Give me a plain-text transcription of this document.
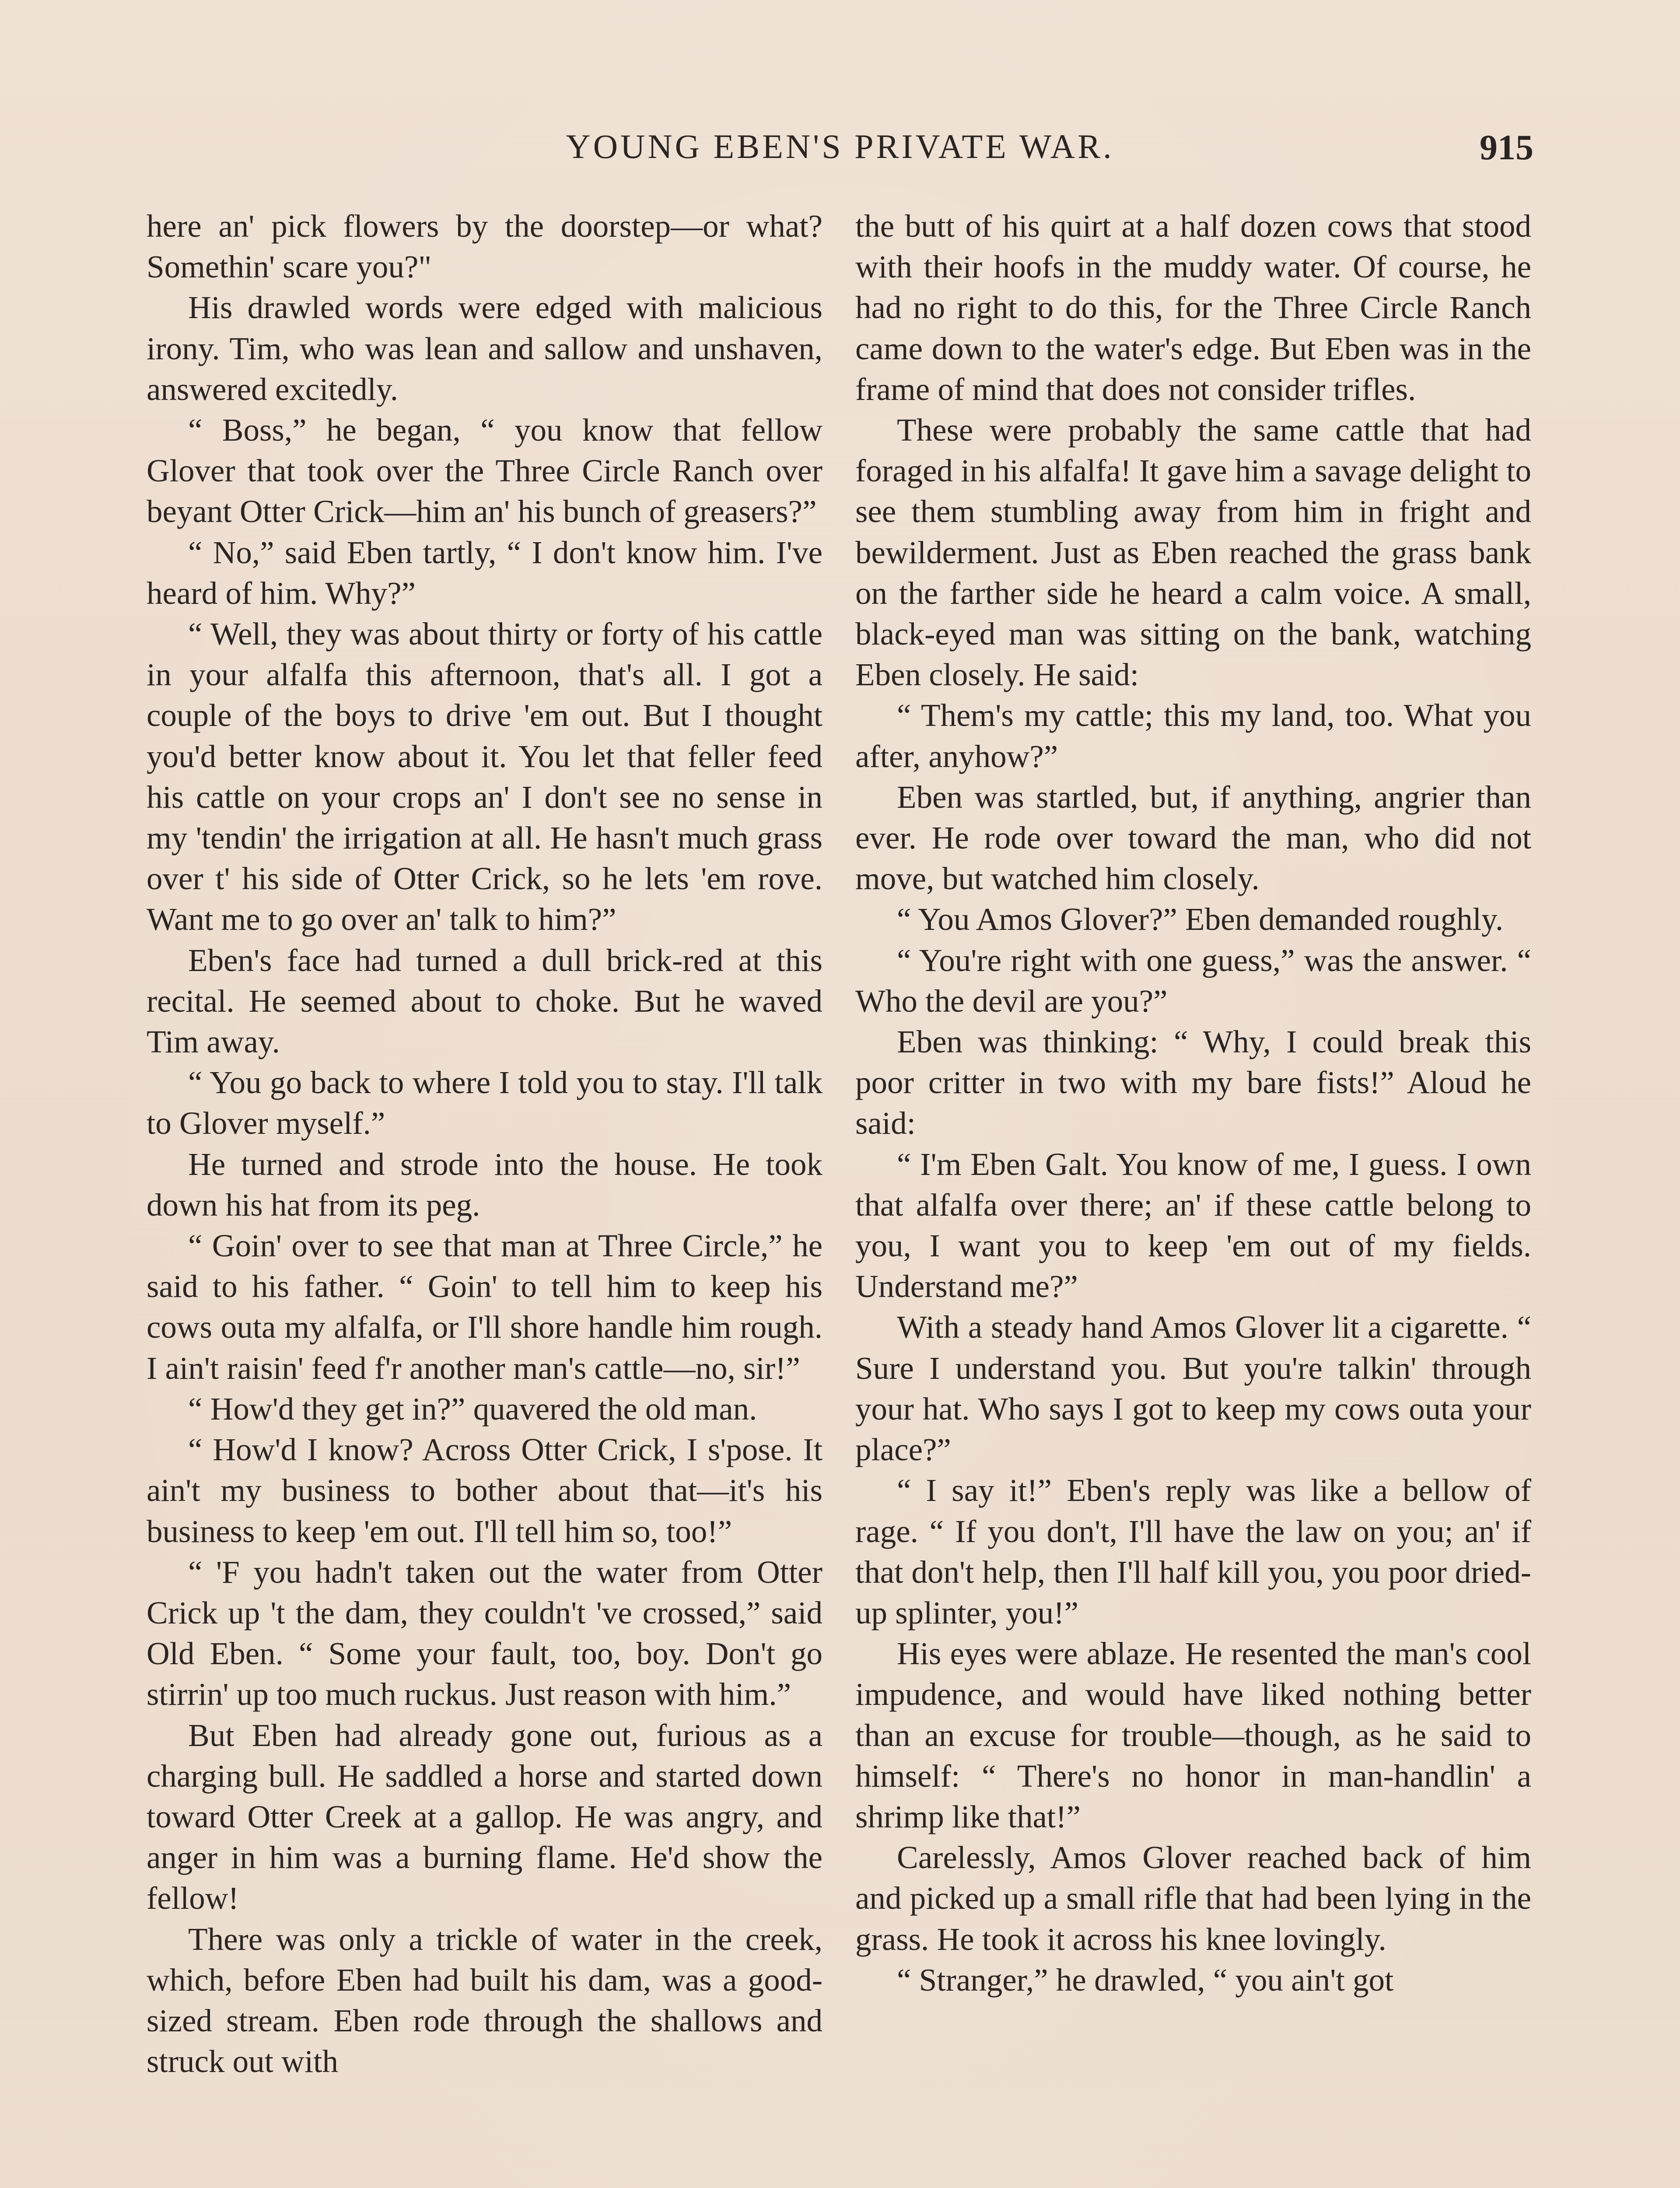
YOUNG EBEN'S PRIVATE WAR.	915

here an' pick flowers by the doorstep—or what? Somethin' scare you?"

His drawled words were edged with malicious irony. Tim, who was lean and sallow and unshaven, answered excitedly.

“ Boss,” he began, “ you know that fellow Glover that took over the Three Circle Ranch over beyant Otter Crick—him an' his bunch of greasers?”

“ No,” said Eben tartly, “ I don't know him. I've heard of him. Why?”

“ Well, they was about thirty or forty of his cattle in your alfalfa this afternoon, that's all. I got a couple of the boys to drive 'em out. But I thought you'd better know about it. You let that feller feed his cattle on your crops an' I don't see no sense in my 'tendin' the irrigation at all. He hasn't much grass over t' his side of Otter Crick, so he lets 'em rove. Want me to go over an' talk to him?”

Eben's face had turned a dull brick-red at this recital. He seemed about to choke. But he waved Tim away.

“ You go back to where I told you to stay. I'll talk to Glover myself.”

He turned and strode into the house. He took down his hat from its peg.

“ Goin' over to see that man at Three Circle,” he said to his father. “ Goin' to tell him to keep his cows outa my alfalfa, or I'll shore handle him rough. I ain't raisin' feed f'r another man's cattle—no, sir!”

“ How'd they get in?” quavered the old man.

“ How'd I know? Across Otter Crick, I s'pose. It ain't my business to bother about that—it's his business to keep 'em out. I'll tell him so, too!”

“ 'F you hadn't taken out the water from Otter Crick up 't the dam, they couldn't 've crossed,” said Old Eben. “ Some your fault, too, boy. Don't go stirrin' up too much ruckus. Just reason with him.”

But Eben had already gone out, furious as a charging bull. He saddled a horse and started down toward Otter Creek at a gallop. He was angry, and anger in him was a burning flame. He'd show the fellow!

There was only a trickle of water in the creek, which, before Eben had built his dam, was a good-sized stream. Eben rode through the shallows and struck out with

the butt of his quirt at a half dozen cows that stood with their hoofs in the muddy water. Of course, he had no right to do this, for the Three Circle Ranch came down to the water's edge. But Eben was in the frame of mind that does not consider trifles.

These were probably the same cattle that had foraged in his alfalfa! It gave him a savage delight to see them stumbling away from him in fright and bewilderment. Just as Eben reached the grass bank on the farther side he heard a calm voice. A small, black-eyed man was sitting on the bank, watching Eben closely. He said:

“ Them's my cattle; this my land, too. What you after, anyhow?”

Eben was startled, but, if anything, angrier than ever. He rode over toward the man, who did not move, but watched him closely.

“ You Amos Glover?” Eben demanded roughly.

“ You're right with one guess,” was the answer. “ Who the devil are you?”

Eben was thinking: “ Why, I could break this poor critter in two with my bare fists!” Aloud he said:

“ I'm Eben Galt. You know of me, I guess. I own that alfalfa over there; an' if these cattle belong to you, I want you to keep 'em out of my fields. Understand me?”

With a steady hand Amos Glover lit a cigarette. “ Sure I understand you. But you're talkin' through your hat. Who says I got to keep my cows outa your place?”

“ I say it!” Eben's reply was like a bellow of rage. “ If you don't, I'll have the law on you; an' if that don't help, then I'll half kill you, you poor dried-up splinter, you!”

His eyes were ablaze. He resented the man's cool impudence, and would have liked nothing better than an excuse for trouble—though, as he said to himself: “ There's no honor in man-handlin' a shrimp like that!”

Carelessly, Amos Glover reached back of him and picked up a small rifle that had been lying in the grass. He took it across his knee lovingly.

“ Stranger,” he drawled, “ you ain't got
